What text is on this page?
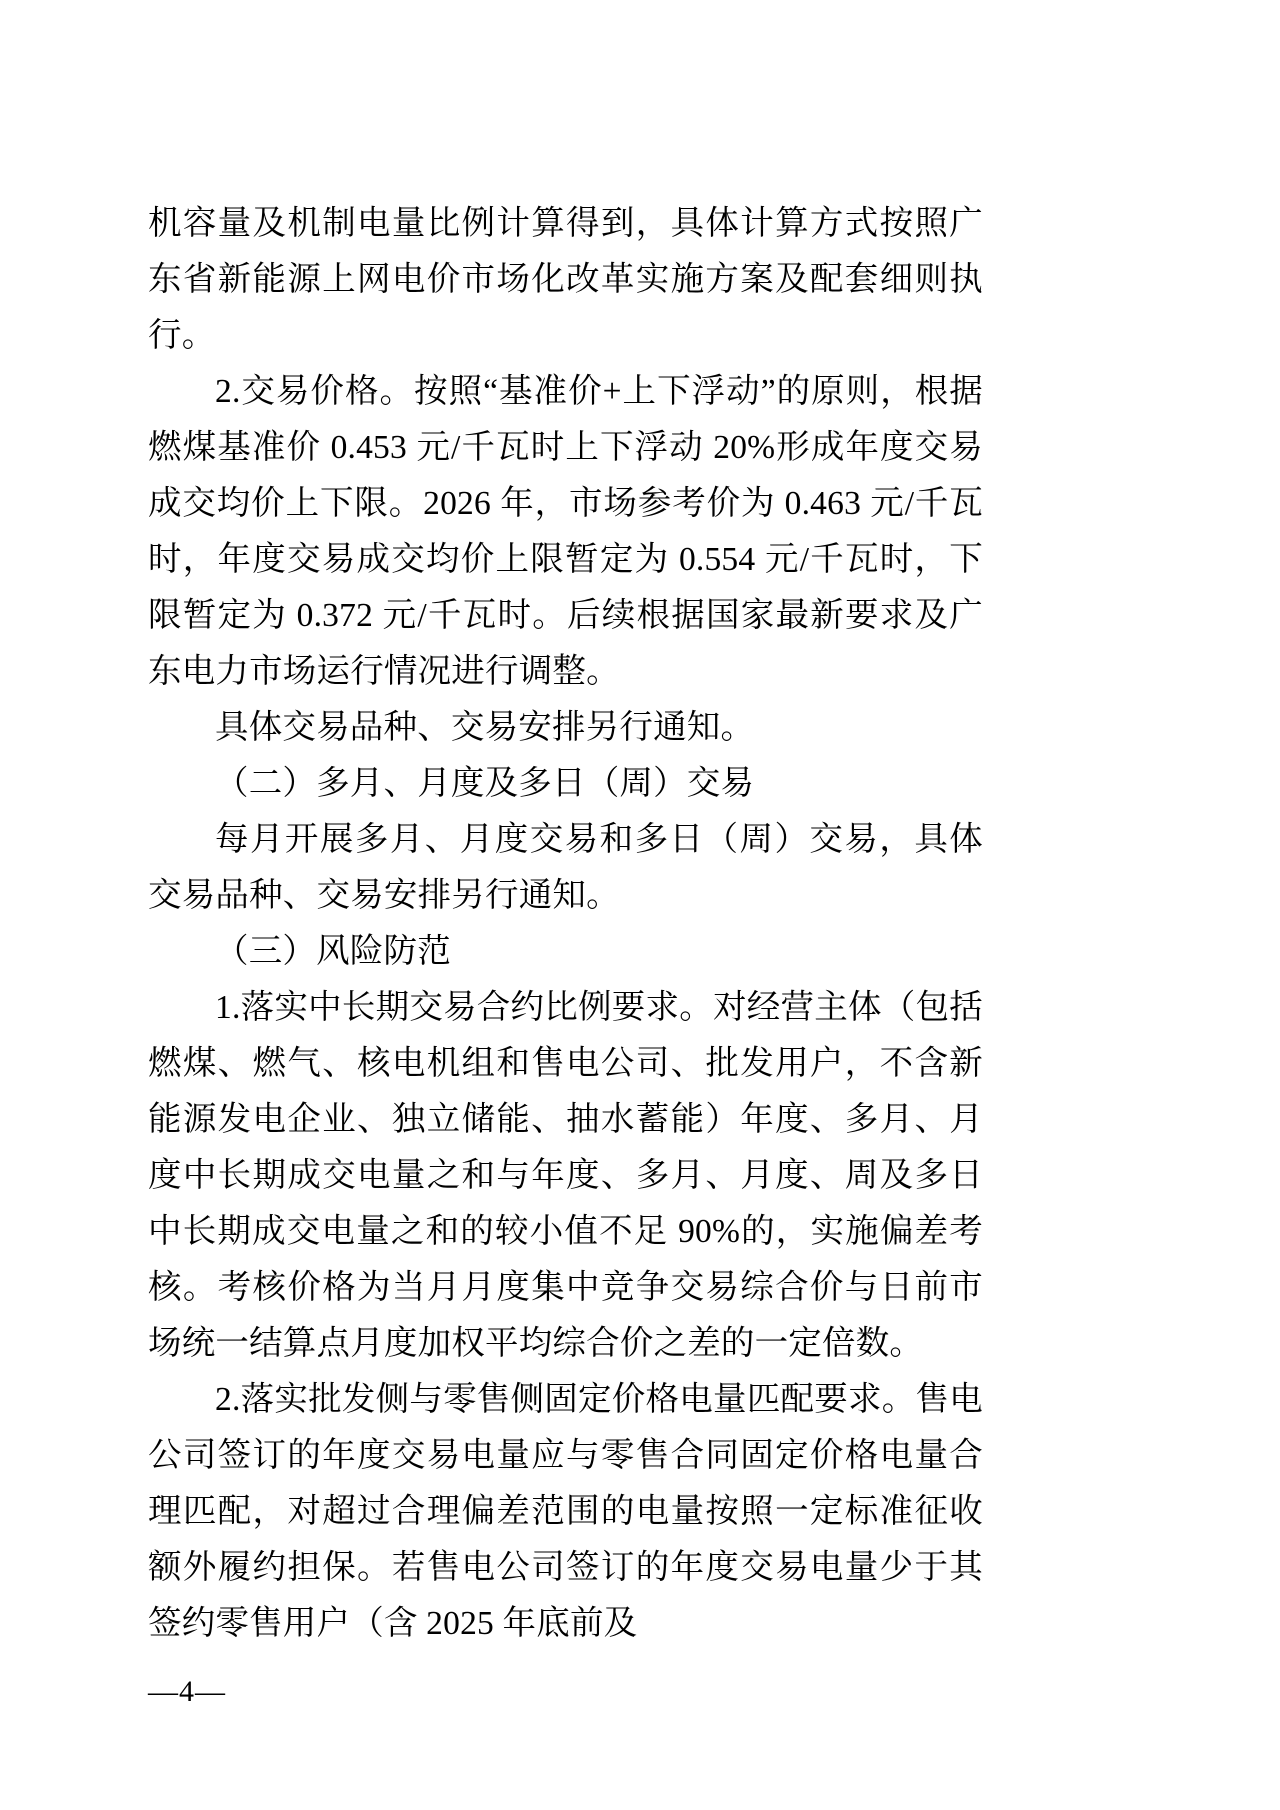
机容量及机制电量比例计算得到，具体计算方式按照广东省新能源上网电价市场化改革实施方案及配套细则执行。

2.交易价格。按照“基准价+上下浮动”的原则，根据燃煤基准价 0.453 元/千瓦时上下浮动 20%形成年度交易成交均价上下限。2026 年，市场参考价为 0.463 元/千瓦时，年度交易成交均价上限暂定为 0.554 元/千瓦时，下限暂定为 0.372 元/千瓦时。后续根据国家最新要求及广东电力市场运行情况进行调整。

具体交易品种、交易安排另行通知。

（二）多月、月度及多日（周）交易

每月开展多月、月度交易和多日（周）交易，具体交易品种、交易安排另行通知。

（三）风险防范

1.落实中长期交易合约比例要求。对经营主体（包括燃煤、燃气、核电机组和售电公司、批发用户，不含新能源发电企业、独立储能、抽水蓄能）年度、多月、月度中长期成交电量之和与年度、多月、月度、周及多日中长期成交电量之和的较小值不足 90%的，实施偏差考核。考核价格为当月月度集中竞争交易综合价与日前市场统一结算点月度加权平均综合价之差的一定倍数。

2.落实批发侧与零售侧固定价格电量匹配要求。售电公司签订的年度交易电量应与零售合同固定价格电量合理匹配，对超过合理偏差范围的电量按照一定标准征收额外履约担保。若售电公司签订的年度交易电量少于其签约零售用户（含 2025 年底前及

—4—
